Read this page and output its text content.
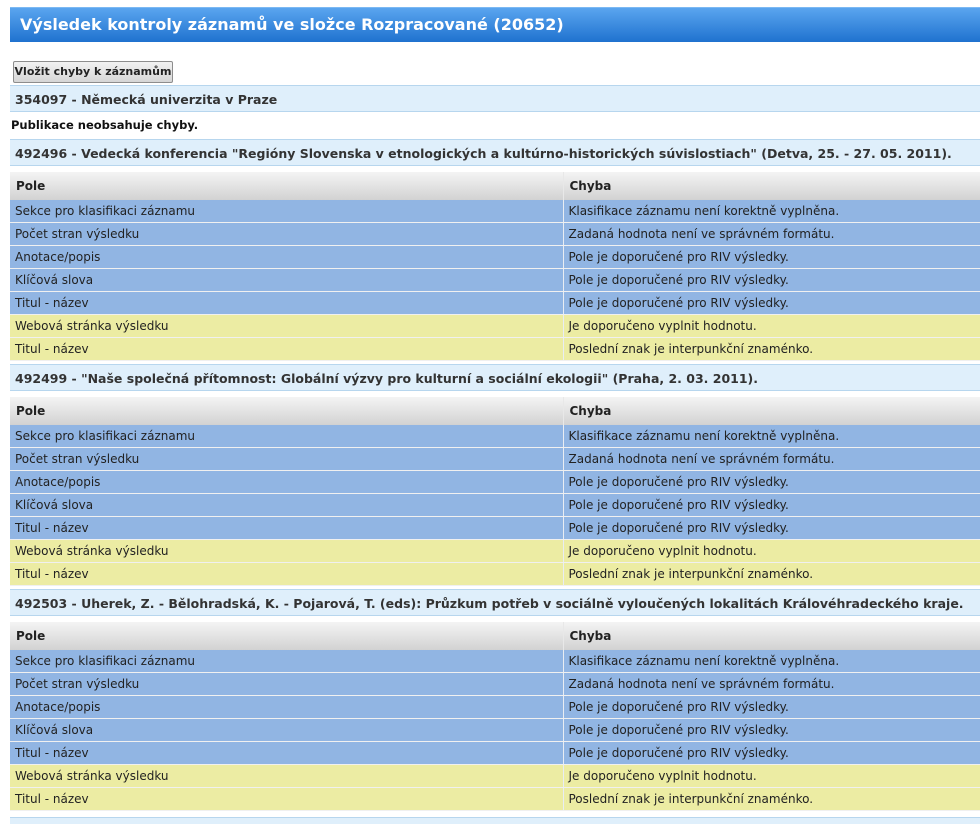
Výsledek kontroly záznamů ve složce Rozpracované (20652)
Vložit chyby k záznamům
354097 - Německá univerzita v Praze
Publikace neobsahuje chyby.
492496 - Vedecká konferencia "Regióny Slovenska v etnologických a kultúrno-historických súvislostiach" (Detva, 25. - 27. 05. 2011).
Pole	Chyba
Sekce pro klasifikaci záznamu	Klasifikace záznamu není korektně vyplněna.
Počet stran výsledku	Zadaná hodnota není ve správném formátu.
Anotace/popis	Pole je doporučené pro RIV výsledky.
Klíčová slova	Pole je doporučené pro RIV výsledky.
Titul - název	Pole je doporučené pro RIV výsledky.
Webová stránka výsledku	Je doporučeno vyplnit hodnotu.
Titul - název	Poslední znak je interpunkční znaménko.
492499 - "Naše společná přítomnost: Globální výzvy pro kulturní a sociální ekologii" (Praha, 2. 03. 2011).
Pole	Chyba
Sekce pro klasifikaci záznamu	Klasifikace záznamu není korektně vyplněna.
Počet stran výsledku	Zadaná hodnota není ve správném formátu.
Anotace/popis	Pole je doporučené pro RIV výsledky.
Klíčová slova	Pole je doporučené pro RIV výsledky.
Titul - název	Pole je doporučené pro RIV výsledky.
Webová stránka výsledku	Je doporučeno vyplnit hodnotu.
Titul - název	Poslední znak je interpunkční znaménko.
492503 - Uherek, Z. - Bělohradská, K. - Pojarová, T. (eds): Průzkum potřeb v sociálně vyloučených lokalitách Královéhradeckého kraje.
Pole	Chyba
Sekce pro klasifikaci záznamu	Klasifikace záznamu není korektně vyplněna.
Počet stran výsledku	Zadaná hodnota není ve správném formátu.
Anotace/popis	Pole je doporučené pro RIV výsledky.
Klíčová slova	Pole je doporučené pro RIV výsledky.
Titul - název	Pole je doporučené pro RIV výsledky.
Webová stránka výsledku	Je doporučeno vyplnit hodnotu.
Titul - název	Poslední znak je interpunkční znaménko.
